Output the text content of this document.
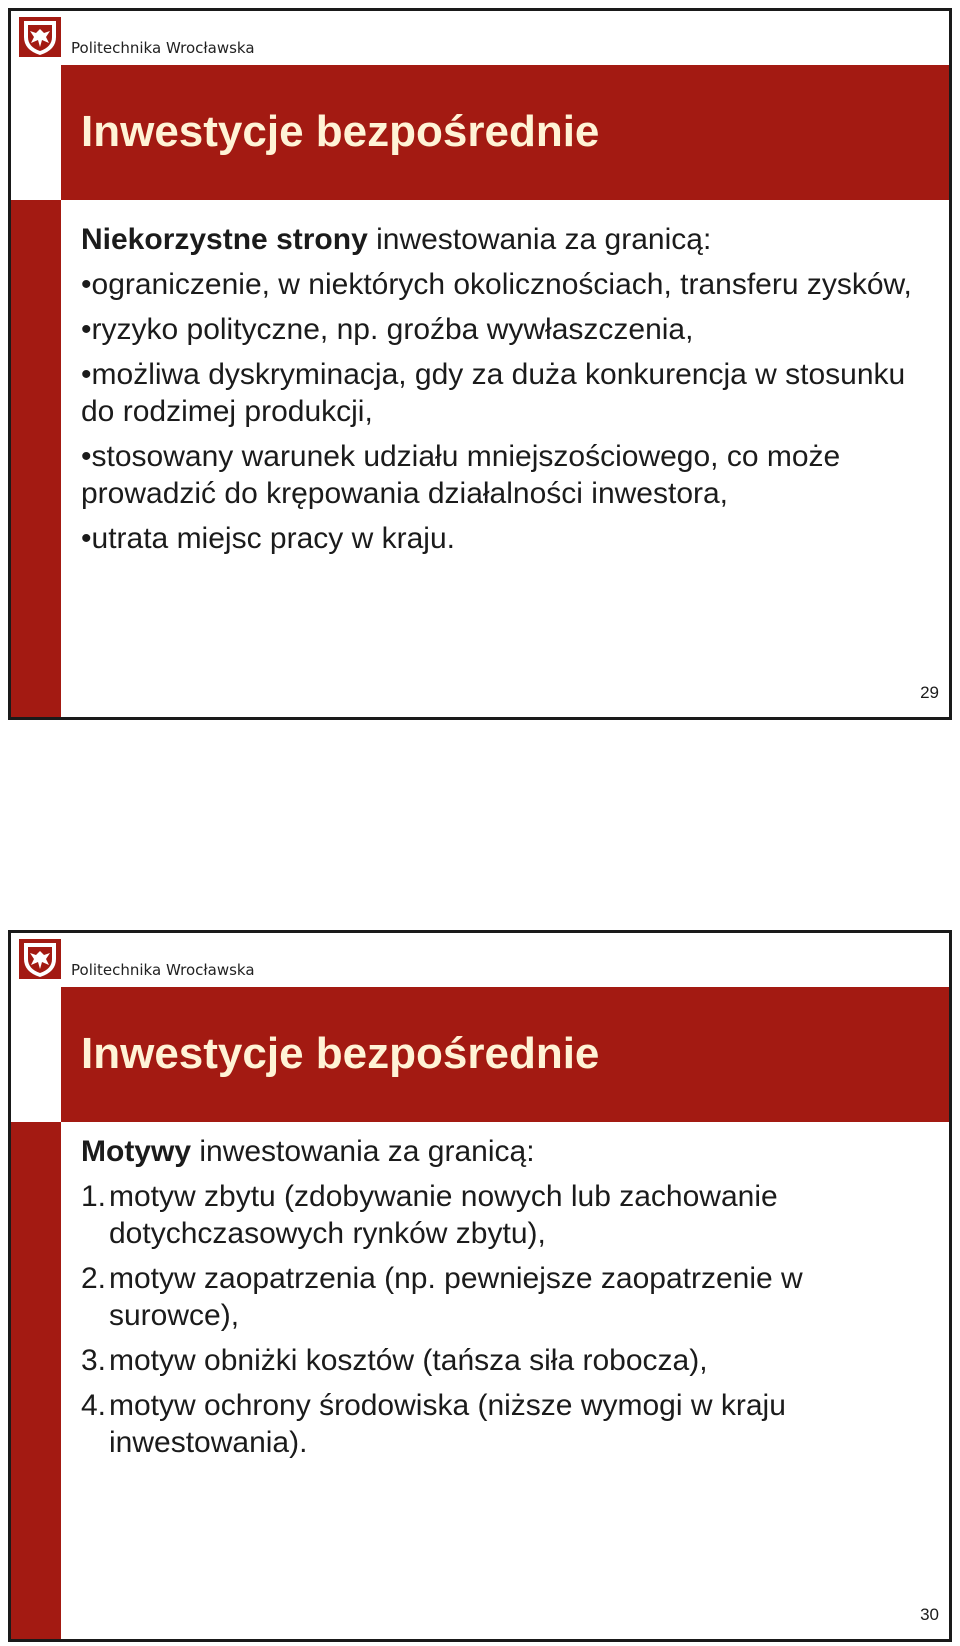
Politechnika Wrocławska
Inwestycje bezpośrednie

Niekorzystne strony inwestowania za granicą:

•ograniczenie, w niektórych okolicznościach, transferu zysków,
•ryzyko polityczne, np. groźba wywłaszczenia,
•możliwa dyskryminacja, gdy za duża konkurencja w stosunku do rodzimej produkcji,
•stosowany warunek udziału mniejszościowego, co może prowadzić do krępowania działalności inwestora,
•utrata miejsc pracy w kraju.
29
Politechnika Wrocławska
Inwestycje bezpośrednie

Motywy inwestowania za granicą:

1. motyw zbytu (zdobywanie nowych lub zachowanie dotychczasowych rynków zbytu),
2. motyw zaopatrzenia (np. pewniejsze zaopatrzenie w surowce),
3. motyw obniżki kosztów (tańsza siła robocza),
4. motyw ochrony środowiska (niższe wymogi w kraju inwestowania).
30
